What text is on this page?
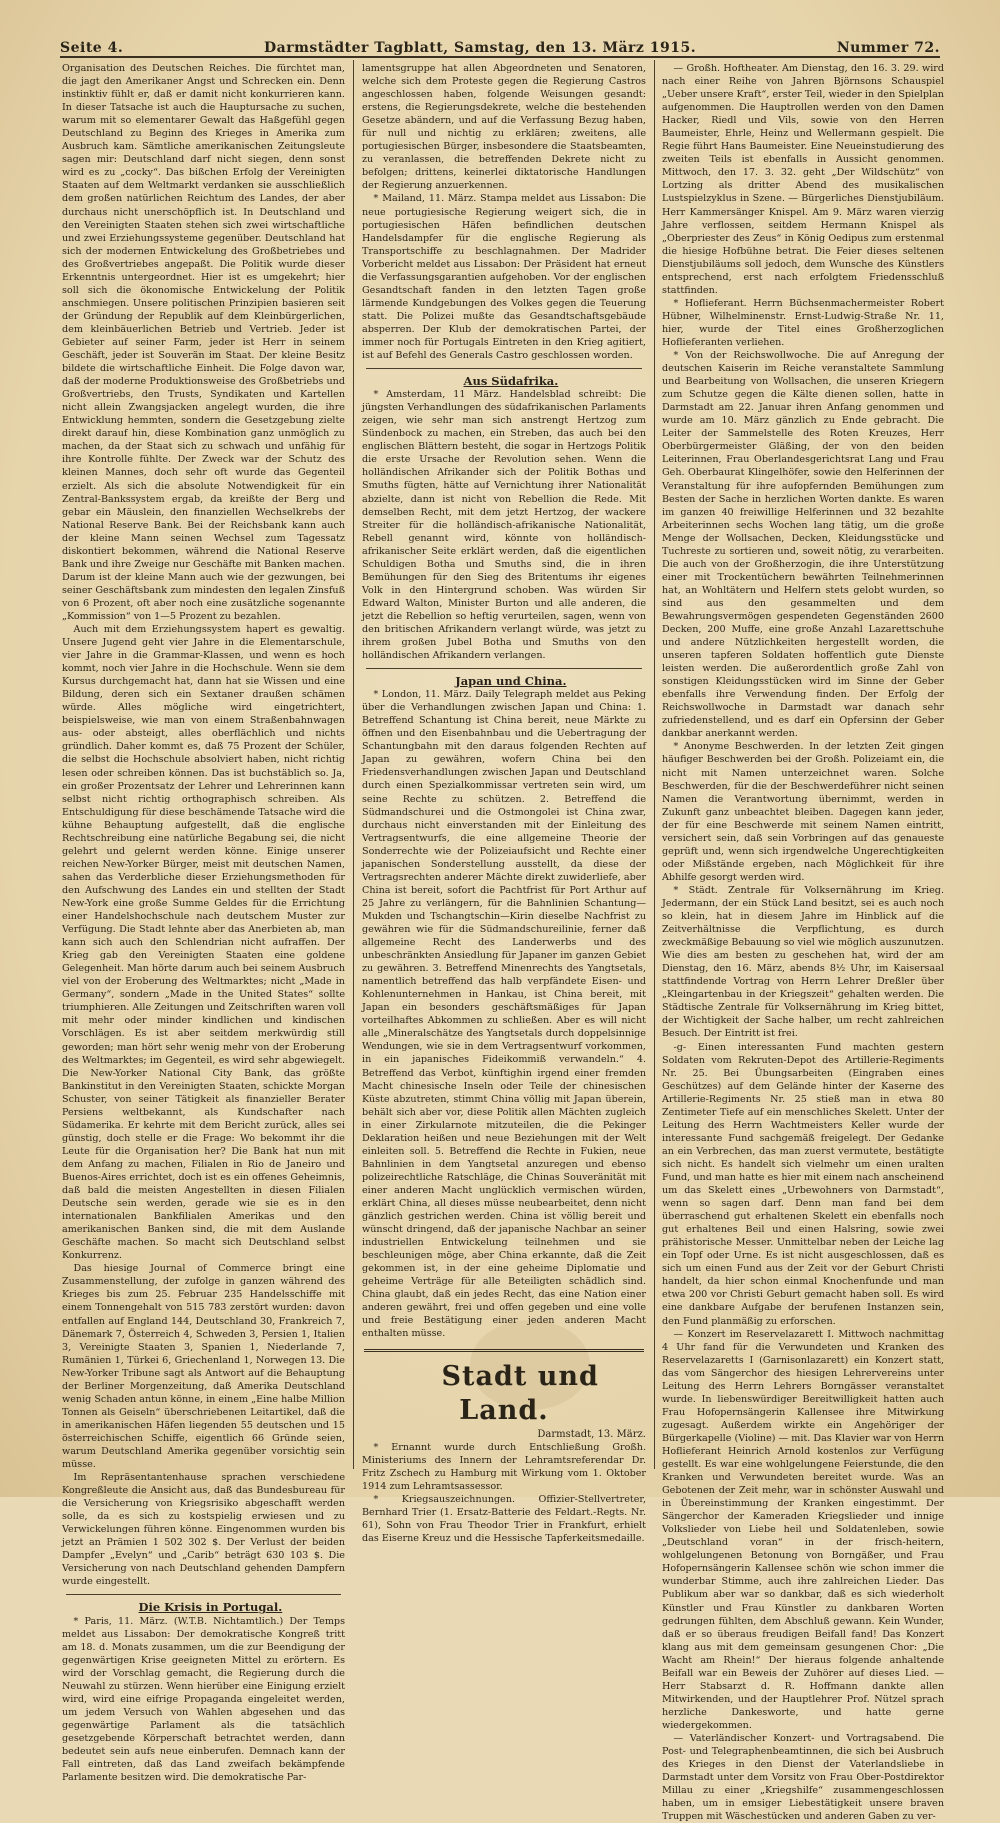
Seite 4.	Darmstädter Tagblatt, Samstag, den 13. März 1915.	Nummer 72.

Organisation des Deutschen Reiches. Die fürchtet man, die jagt den Amerikaner Angst und Schrecken ein. Denn instinktiv fühlt er, daß er damit nicht konkurrieren kann. In dieser Tatsache ist auch die Hauptursache zu suchen, warum mit so elementarer Gewalt das Haßgefühl gegen Deutschland zu Beginn des Krieges in Amerika zum Ausbruch kam. Sämtliche amerikanischen Zeitungsleute sagen mir: Deutschland darf nicht siegen, denn sonst wird es zu „cocky“. Das bißchen Erfolg der Vereinigten Staaten auf dem Weltmarkt verdanken sie ausschließlich dem großen natürlichen Reichtum des Landes, der aber durchaus nicht unerschöpflich ist. In Deutschland und den Vereinigten Staaten stehen sich zwei wirtschaftliche und zwei Erziehungssysteme gegenüber. Deutschland hat sich der modernen Entwickelung des Großbetriebes und des Großvertriebes angepaßt. Die Politik wurde dieser Erkenntnis untergeordnet. Hier ist es umgekehrt; hier soll sich die ökonomische Entwickelung der Politik anschmiegen. Unsere politischen Prinzipien basieren seit der Gründung der Republik auf dem Kleinbürgerlichen, dem kleinbäuerlichen Betrieb und Vertrieb. Jeder ist Gebieter auf seiner Farm, jeder ist Herr in seinem Geschäft, jeder ist Souverän im Staat. Der kleine Besitz bildete die wirtschaftliche Einheit. Die Folge davon war, daß der moderne Produktionsweise des Großbetriebs und Großvertriebs, den Trusts, Syndikaten und Kartellen nicht allein Zwangsjacken angelegt wurden, die ihre Entwicklung hemmten, sondern die Gesetzgebung zielte direkt darauf hin, diese Kombination ganz unmöglich zu machen, da der Staat sich zu schwach und unfähig für ihre Kontrolle fühlte. Der Zweck war der Schutz des kleinen Mannes, doch sehr oft wurde das Gegenteil erzielt. Als sich die absolute Notwendigkeit für ein Zentral-Bankssystem ergab, da kreißte der Berg und gebar ein Mäuslein, den finanziellen Wechselkrebs der National Reserve Bank. Bei der Reichsbank kann auch der kleine Mann seinen Wechsel zum Tagessatz diskontiert bekommen, während die National Reserve Bank und ihre Zweige nur Geschäfte mit Banken machen. Darum ist der kleine Mann auch wie der gezwungen, bei seiner Geschäftsbank zum mindesten den legalen Zinsfuß von 6 Prozent, oft aber noch eine zusätzliche sogenannte „Kommission“ von 1—5 Prozent zu bezahlen.

Auch mit dem Erziehungssystem hapert es gewaltig. Unsere Jugend geht vier Jahre in die Elementarschule, vier Jahre in die Grammar-Klassen, und wenn es hoch kommt, noch vier Jahre in die Hochschule. Wenn sie dem Kursus durchgemacht hat, dann hat sie Wissen und eine Bildung, deren sich ein Sextaner draußen schämen würde. Alles mögliche wird eingetrichtert, beispielsweise, wie man von einem Straßenbahnwagen aus- oder absteigt, alles oberflächlich und nichts gründlich. Daher kommt es, daß 75 Prozent der Schüler, die selbst die Hochschule absolviert haben, nicht richtig lesen oder schreiben können. Das ist buchstäblich so. Ja, ein großer Prozentsatz der Lehrer und Lehrerinnen kann selbst nicht richtig orthographisch schreiben. Als Entschuldigung für diese beschämende Tatsache wird die kühne Behauptung aufgestellt, daß die englische Rechtschreibung eine natürliche Begabung sei, die nicht gelehrt und gelernt werden könne. Einige unserer reichen New-Yorker Bürger, meist mit deutschen Namen, sahen das Verderbliche dieser Erziehungsmethoden für den Aufschwung des Landes ein und stellten der Stadt New-York eine große Summe Geldes für die Errichtung einer Handelshochschule nach deutschem Muster zur Verfügung. Die Stadt lehnte aber das Anerbieten ab, man kann sich auch den Schlendrian nicht aufraffen. Der Krieg gab den Vereinigten Staaten eine goldene Gelegenheit. Man hörte darum auch bei seinem Ausbruch viel von der Eroberung des Weltmarktes; nicht „Made in Germany“, sondern „Made in the United States“ sollte triumphieren. Alle Zeitungen und Zeitschriften waren voll mit mehr oder minder kindlichen und kindischen Vorschlägen. Es ist aber seitdem merkwürdig still geworden; man hört sehr wenig mehr von der Eroberung des Weltmarktes; im Gegenteil, es wird sehr abgewiegelt. Die New-Yorker National City Bank, das größte Bankinstitut in den Vereinigten Staaten, schickte Morgan Schuster, von seiner Tätigkeit als finanzieller Berater Persiens weltbekannt, als Kundschafter nach Südamerika. Er kehrte mit dem Bericht zurück, alles sei günstig, doch stelle er die Frage: Wo bekommt ihr die Leute für die Organisation her? Die Bank hat nun mit dem Anfang zu machen, Filialen in Rio de Janeiro und Buenos-Aires errichtet, doch ist es ein offenes Geheimnis, daß bald die meisten Angestellten in diesen Filialen Deutsche sein werden, gerade wie sie es in den internationalen Bankfilialen Amerikas und den amerikanischen Banken sind, die mit dem Auslande Geschäfte machen. So macht sich Deutschland selbst Konkurrenz.

Das hiesige Journal of Commerce bringt eine Zusammenstellung, der zufolge in ganzen während des Krieges bis zum 25. Februar 235 Handelsschiffe mit einem Tonnengehalt von 515 783 zerstört wurden: davon entfallen auf England 144, Deutschland 30, Frankreich 7, Dänemark 7, Österreich 4, Schweden 3, Persien 1, Italien 3, Vereinigte Staaten 3, Spanien 1, Niederlande 7, Rumänien 1, Türkei 6, Griechenland 1, Norwegen 13. Die New-Yorker Tribune sagt als Antwort auf die Behauptung der Berliner Morgenzeitung, daß Amerika Deutschland wenig Schaden antun könne, in einem „Eine halbe Million Tonnen als Geiseln“ überschriebenen Leitartikel, daß die in amerikanischen Häfen liegenden 55 deutschen und 15 österreichischen Schiffe, eigentlich 66 Gründe seien, warum Deutschland Amerika gegenüber vorsichtig sein müsse.

Im Repräsentantenhause sprachen verschiedene Kongreßleute die Ansicht aus, daß das Bundesbureau für die Versicherung von Kriegsrisiko abgeschafft werden solle, da es sich zu kostspielig erwiesen und zu Verwickelungen führen könne. Eingenommen wurden bis jetzt an Prämien 1 502 302 $. Der Verlust der beiden Dampfer „Evelyn“ und „Carib“ beträgt 630 103 $. Die Versicherung von nach Deutschland gehenden Dampfern wurde eingestellt.

Die Krisis in Portugal.

* Paris, 11. März. (W.T.B. Nichtamtlich.) Der Temps meldet aus Lissabon: Der demokratische Kongreß tritt am 18. d. Monats zusammen, um die zur Beendigung der gegenwärtigen Krise geeigneten Mittel zu erörtern. Es wird der Vorschlag gemacht, die Regierung durch die Neuwahl zu stürzen. Wenn hierüber eine Einigung erzielt wird, wird eine eifrige Propaganda eingeleitet werden, um jedem Versuch von Wahlen abgesehen und das gegenwärtige Parlament als die tatsächlich gesetzgebende Körperschaft betrachtet werden, dann bedeutet sein aufs neue einberufen. Demnach kann der Fall eintreten, daß das Land zweifach bekämpfende Parlamente besitzen wird. Die demokratische Par-

lamentsgruppe hat allen Abgeordneten und Senatoren, welche sich dem Proteste gegen die Regierung Castros angeschlossen haben, folgende Weisungen gesandt: erstens, die Regierungsdekrete, welche die bestehenden Gesetze abändern, und auf die Verfassung Bezug haben, für null und nichtig zu erklären; zweitens, alle portugiesischen Bürger, insbesondere die Staatsbeamten, zu veranlassen, die betreffenden Dekrete nicht zu befolgen; drittens, keinerlei diktatorische Handlungen der Regierung anzuerkennen.

* Mailand, 11. März. Stampa meldet aus Lissabon: Die neue portugiesische Regierung weigert sich, die in portugiesischen Häfen befindlichen deutschen Handelsdampfer für die englische Regierung als Transportschiffe zu beschlagnahmen. Der Madrider Vorbericht meldet aus Lissabon: Der Präsident hat erneut die Verfassungsgarantien aufgehoben. Vor der englischen Gesandtschaft fanden in den letzten Tagen große lärmende Kundgebungen des Volkes gegen die Teuerung statt. Die Polizei mußte das Gesandtschaftsgebäude absperren. Der Klub der demokratischen Partei, der immer noch für Portugals Eintreten in den Krieg agitiert, ist auf Befehl des Generals Castro geschlossen worden.

Aus Südafrika.

* Amsterdam, 11 März. Handelsblad schreibt: Die jüngsten Verhandlungen des südafrikanischen Parlaments zeigen, wie sehr man sich anstrengt Hertzog zum Sündenbock zu machen, ein Streben, das auch bei den englischen Blättern besteht, die sogar in Hertzogs Politik die erste Ursache der Revolution sehen. Wenn die holländischen Afrikander sich der Politik Bothas und Smuths fügten, hätte auf Vernichtung ihrer Nationalität abzielte, dann ist nicht von Rebellion die Rede. Mit demselben Recht, mit dem jetzt Hertzog, der wackere Streiter für die holländisch-afrikanische Nationalität, Rebell genannt wird, könnte von holländisch-afrikanischer Seite erklärt werden, daß die eigentlichen Schuldigen Botha und Smuths sind, die in ihren Bemühungen für den Sieg des Britentums ihr eigenes Volk in den Hintergrund schoben. Was würden Sir Edward Walton, Minister Burton und alle anderen, die jetzt die Rebellion so heftig verurteilen, sagen, wenn von den britischen Afrikandern verlangt würde, was jetzt zu ihrem großen Jubel Botha und Smuths von den holländischen Afrikandern verlangen.

Japan und China.

* London, 11. März. Daily Telegraph meldet aus Peking über die Verhandlungen zwischen Japan und China: 1. Betreffend Schantung ist China bereit, neue Märkte zu öffnen und den Eisenbahnbau und die Uebertragung der Schantungbahn mit den daraus folgenden Rechten auf Japan zu gewähren, wofern China bei den Friedensverhandlungen zwischen Japan und Deutschland durch einen Spezialkommissar vertreten sein wird, um seine Rechte zu schützen. 2. Betreffend die Südmandschurei und die Ostmongolei ist China zwar, durchaus nicht einverstanden mit der Einleitung des Vertragsentwurfs, die eine allgemeine Theorie der Sonderrechte wie der Polizeiaufsicht und Rechte einer japanischen Sonderstellung ausstellt, da diese der Vertragsrechten anderer Mächte direkt zuwiderliefe, aber China ist bereit, sofort die Pachtfrist für Port Arthur auf 25 Jahre zu verlängern, für die Bahnlinien Schantung—Mukden und Tschangtschin—Kirin dieselbe Nachfrist zu gewähren wie für die Südmandschureilinie, ferner daß allgemeine Recht des Landerwerbs und des unbeschränkten Ansiedlung für Japaner im ganzen Gebiet zu gewähren. 3. Betreffend Minenrechts des Yangtsetals, namentlich betreffend das halb verpfändete Eisen- und Kohlenunternehmen in Hankau, ist China bereit, mit Japan ein besonders geschäftsmäßiges für Japan vorteilhaftes Abkommen zu schließen. Aber es will nicht alle „Mineralschätze des Yangtsetals durch doppelsinnige Wendungen, wie sie in dem Vertragsentwurf vorkommen, in ein japanisches Fideikommiß verwandeln.“ 4. Betreffend das Verbot, künftighin irgend einer fremden Macht chinesische Inseln oder Teile der chinesischen Küste abzutreten, stimmt China völlig mit Japan überein, behält sich aber vor, diese Politik allen Mächten zugleich in einer Zirkularnote mitzuteilen, die die Pekinger Deklaration heißen und neue Beziehungen mit der Welt einleiten soll. 5. Betreffend die Rechte in Fukien, neue Bahnlinien in dem Yangtsetal anzuregen und ebenso polizeirechtliche Ratschläge, die Chinas Souveränität mit einer anderen Macht unglücklich vermischen würden, erklärt China, all dieses müsse neubearbeitet, denn nicht gänzlich gestrichen werden. China ist völlig bereit und wünscht dringend, daß der japanische Nachbar an seiner industriellen Entwickelung teilnehmen und sie beschleunigen möge, aber China erkannte, daß die Zeit gekommen ist, in der eine geheime Diplomatie und geheime Verträge für alle Beteiligten schädlich sind. China glaubt, daß ein jedes Recht, das eine Nation einer anderen gewährt, frei und offen gegeben und eine volle und freie Bestätigung einer jeden anderen Macht enthalten müsse.

Stadt und Land.

Darmstadt, 13. März.

* Ernannt wurde durch Entschließung Großh. Ministeriums des Innern der Lehramtsreferendar Dr. Fritz Zschech zu Hamburg mit Wirkung vom 1. Oktober 1914 zum Lehramtsassessor.

* Kriegsauszeichnungen. Offizier-Stellvertreter, Bernhard Trier (1. Ersatz-Batterie des Feldart.-Regts. Nr. 61), Sohn von Frau Theodor Trier in Frankfurt, erhielt das Eiserne Kreuz und die Hessische Tapferkeitsmedaille.

— Großh. Hoftheater. Am Dienstag, den 16. 3. 29. wird nach einer Reihe von Jahren Björnsons Schauspiel „Ueber unsere Kraft“, erster Teil, wieder in den Spielplan aufgenommen. Die Hauptrollen werden von den Damen Hacker, Riedl und Vils, sowie von den Herren Baumeister, Ehrle, Heinz und Wellermann gespielt. Die Regie führt Hans Baumeister. Eine Neueinstudierung des zweiten Teils ist ebenfalls in Aussicht genommen. Mittwoch, den 17. 3. 32. geht „Der Wildschütz“ von Lortzing als dritter Abend des musikalischen Lustspielzyklus in Szene. — Bürgerliches Dienstjubiläum. Herr Kammersänger Knispel. Am 9. März waren vierzig Jahre verflossen, seitdem Hermann Knispel als „Oberpriester des Zeus“ in König Oedipus zum erstenmal die hiesige Hofbühne betrat. Die Feier dieses seltenen Dienstjubiläums soll jedoch, dem Wunsche des Künstlers entsprechend, erst nach erfolgtem Friedensschluß stattfinden.

* Hoflieferant. Herrn Büchsenmachermeister Robert Hübner, Wilhelminenstr. Ernst-Ludwig-Straße Nr. 11, hier, wurde der Titel eines Großherzoglichen Hoflieferanten verliehen.

* Von der Reichswollwoche. Die auf Anregung der deutschen Kaiserin im Reiche veranstaltete Sammlung und Bearbeitung von Wollsachen, die unseren Kriegern zum Schutze gegen die Kälte dienen sollen, hatte in Darmstadt am 22. Januar ihren Anfang genommen und wurde am 10. März gänzlich zu Ende gebracht. Die Leiter der Sammelstelle des Roten Kreuzes, Herr Oberbürgermeister Gläßing, der von den beiden Leiterinnen, Frau Oberlandesgerichtsrat Lang und Frau Geh. Oberbaurat Klingelhöfer, sowie den Helferinnen der Veranstaltung für ihre aufopfernden Bemühungen zum Besten der Sache in herzlichen Worten dankte. Es waren im ganzen 40 freiwillige Helferinnen und 32 bezahlte Arbeiterinnen sechs Wochen lang tätig, um die große Menge der Wollsachen, Decken, Kleidungsstücke und Tuchreste zu sortieren und, soweit nötig, zu verarbeiten. Die auch von der Großherzogin, die ihre Unterstützung einer mit Trockentüchern bewährten Teilnehmerinnen hat, an Wohltätern und Helfern stets gelobt wurden, so sind aus den gesammelten und dem Bewahrungsvermögen gespendeten Gegenständen 2600 Decken, 200 Muffe, eine große Anzahl Lazarettschuhe und andere Nützlichkeiten hergestellt worden, die unseren tapferen Soldaten hoffentlich gute Dienste leisten werden. Die außerordentlich große Zahl von sonstigen Kleidungsstücken wird im Sinne der Geber ebenfalls ihre Verwendung finden. Der Erfolg der Reichswollwoche in Darmstadt war danach sehr zufriedenstellend, und es darf ein Opfersinn der Geber dankbar anerkannt werden.

* Anonyme Beschwerden. In der letzten Zeit gingen häufiger Beschwerden bei der Großh. Polizeiamt ein, die nicht mit Namen unterzeichnet waren. Solche Beschwerden, für die der Beschwerdeführer nicht seinen Namen die Verantwortung übernimmt, werden in Zukunft ganz unbeachtet bleiben. Dagegen kann jeder, der für eine Beschwerde mit seinem Namen eintritt, versichert sein, daß sein Vorbringen auf das genaueste geprüft und, wenn sich irgendwelche Ungerechtigkeiten oder Mißstände ergeben, nach Möglichkeit für ihre Abhilfe gesorgt werden wird.

* Städt. Zentrale für Volksernährung im Krieg. Jedermann, der ein Stück Land besitzt, sei es auch noch so klein, hat in diesem Jahre im Hinblick auf die Zeitverhältnisse die Verpflichtung, es durch zweckmäßige Bebauung so viel wie möglich auszunutzen. Wie dies am besten zu geschehen hat, wird der am Dienstag, den 16. März, abends 8½ Uhr, im Kaisersaal stattfindende Vortrag von Herrn Lehrer Dreßler über „Kleingartenbau in der Kriegszeit“ gehalten werden. Die Städtische Zentrale für Volksernährung im Krieg bittet, der Wichtigkeit der Sache halber, um recht zahlreichen Besuch. Der Eintritt ist frei.

-g- Einen interessanten Fund machten gestern Soldaten vom Rekruten-Depot des Artillerie-Regiments Nr. 25. Bei Übungsarbeiten (Eingraben eines Geschützes) auf dem Gelände hinter der Kaserne des Artillerie-Regiments Nr. 25 stieß man in etwa 80 Zentimeter Tiefe auf ein menschliches Skelett. Unter der Leitung des Herrn Wachtmeisters Keller wurde der interessante Fund sachgemäß freigelegt. Der Gedanke an ein Verbrechen, das man zuerst vermutete, bestätigte sich nicht. Es handelt sich vielmehr um einen uralten Fund, und man hatte es hier mit einem nach anscheinend um das Skelett eines „Urbewohners von Darmstadt“, wenn so sagen darf. Denn man fand bei dem überraschend gut erhaltenen Skelett ein ebenfalls noch gut erhaltenes Beil und einen Halsring, sowie zwei prähistorische Messer. Unmittelbar neben der Leiche lag ein Topf oder Urne. Es ist nicht ausgeschlossen, daß es sich um einen Fund aus der Zeit vor der Geburt Christi handelt, da hier schon einmal Knochenfunde und man etwa 200 vor Christi Geburt gemacht haben soll. Es wird eine dankbare Aufgabe der berufenen Instanzen sein, den Fund planmäßig zu erforschen.

— Konzert im Reservelazarett I. Mittwoch nachmittag 4 Uhr fand für die Verwundeten und Kranken des Reservelazaretts I (Garnisonlazarett) ein Konzert statt, das vom Sängerchor des hiesigen Lehrervereins unter Leitung des Herrn Lehrers Borngässer veranstaltet wurde. In liebenswürdiger Bereitwilligkeit hatten auch Frau Hofopernsängerin Kallensee ihre Mitwirkung zugesagt. Außerdem wirkte ein Angehöriger der Bürgerkapelle (Violine) — mit. Das Klavier war von Herrn Hoflieferant Heinrich Arnold kostenlos zur Verfügung gestellt. Es war eine wohlgelungene Feierstunde, die den Kranken und Verwundeten bereitet wurde. Was an Gebotenen der Zeit mehr, war in schönster Auswahl und in Übereinstimmung der Kranken eingestimmt. Der Sängerchor der Kameraden Kriegslieder und innige Volkslieder von Liebe heil und Soldatenleben, sowie „Deutschland voran“ in der frisch-heitern, wohlgelungenen Betonung von Borngäßer, und Frau Hofopernsängerin Kallensee schön wie schon immer die wunderbar Stimme, auch ihre zahlreichen Lieder. Das Publikum aber war so dankbar, daß es sich wiederholt Künstler und Frau Künstler zu dankbaren Worten gedrungen fühlten, dem Abschluß gewann. Kein Wunder, daß er so überaus freudigen Beifall fand! Das Konzert klang aus mit dem gemeinsam gesungenen Chor: „Die Wacht am Rhein!“ Der hieraus folgende anhaltende Beifall war ein Beweis der Zuhörer auf dieses Lied. — Herr Stabsarzt d. R. Hoffmann dankte allen Mitwirkenden, und der Hauptlehrer Prof. Nützel sprach herzliche Dankesworte, und hatte gerne wiedergekommen.

— Vaterländischer Konzert- und Vortragsabend. Die Post- und Telegraphenbeamtinnen, die sich bei Ausbruch des Krieges in den Dienst der Vaterlandsliebe in Darmstadt unter dem Vorsitz von Frau Ober-Postdirektor Millau zu einer „Kriegshilfe“ zusammengeschlossen haben, um in emsiger Liebestätigkeit unsere braven Truppen mit Wäschestücken und anderen Gaben zu ver-
